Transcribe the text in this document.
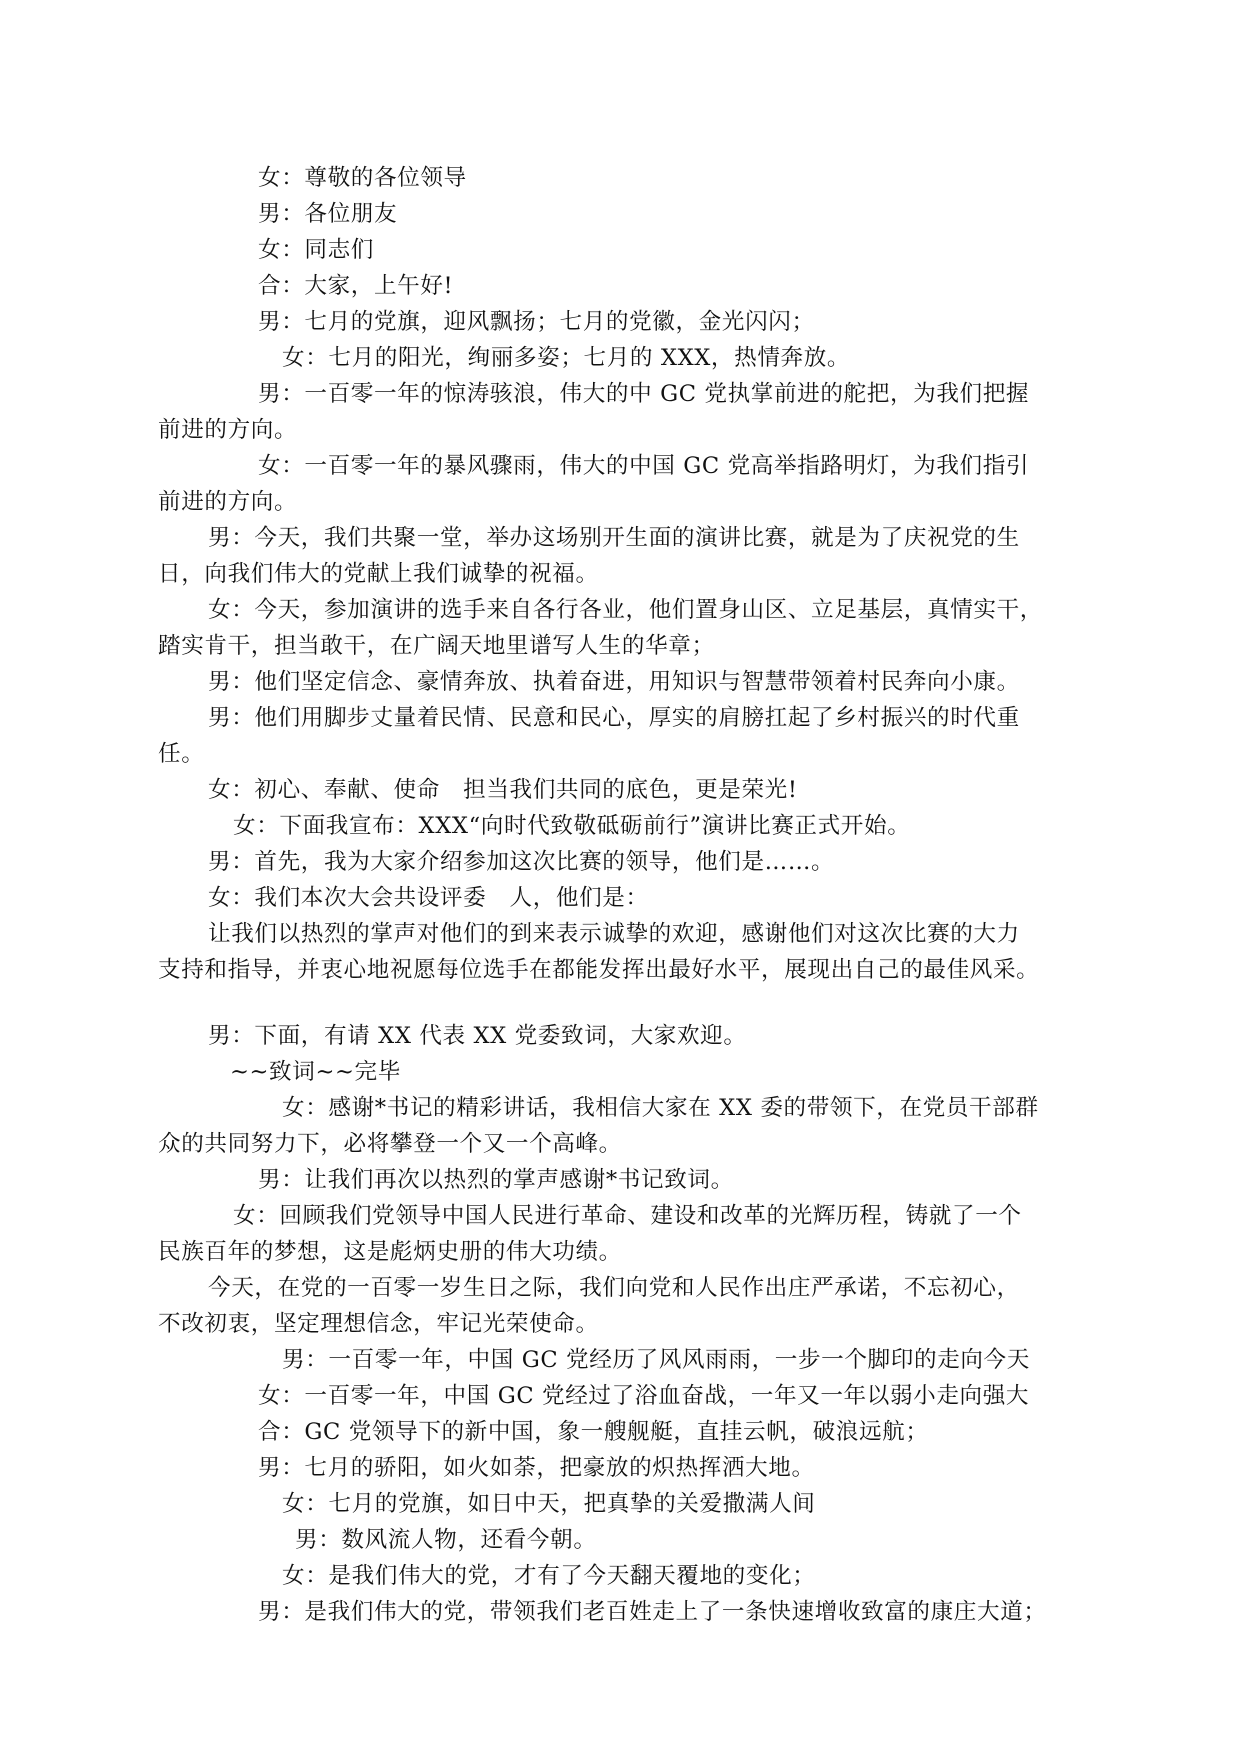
女：尊敬的各位领导
男：各位朋友
女：同志们
合：大家，上午好!
男：七月的党旗，迎风飘扬；七月的党徽，金光闪闪；
女：七月的阳光，绚丽多姿；七月的 XXX，热情奔放。
男：一百零一年的惊涛骇浪，伟大的中 GC 党执掌前进的舵把，为我们把握
前进的方向。
女：一百零一年的暴风骤雨，伟大的中国 GC 党高举指路明灯，为我们指引
前进的方向。
男：今天，我们共聚一堂，举办这场别开生面的演讲比赛，就是为了庆祝党的生
日，向我们伟大的党献上我们诚挚的祝福。
女：今天，参加演讲的选手来自各行各业，他们置身山区、立足基层，真情实干，
踏实肯干，担当敢干，在广阔天地里谱写人生的华章；
男：他们坚定信念、豪情奔放、执着奋进，用知识与智慧带领着村民奔向小康。
男：他们用脚步丈量着民情、民意和民心，厚实的肩膀扛起了乡村振兴的时代重
任。
女：初心、奉献、使命　担当我们共同的底色，更是荣光!
女：下面我宣布：XXX“向时代致敬砥砺前行”演讲比赛正式开始。
男：首先，我为大家介绍参加这次比赛的领导，他们是……。
女：我们本次大会共设评委　人，他们是：
让我们以热烈的掌声对他们的到来表示诚挚的欢迎，感谢他们对这次比赛的大力
支持和指导，并衷心地祝愿每位选手在都能发挥出最好水平，展现出自己的最佳风采。
男：下面，有请 XX 代表 XX 党委致词，大家欢迎。
~~致词~~完毕
女：感谢*书记的精彩讲话，我相信大家在 XX 委的带领下，在党员干部群
众的共同努力下，必将攀登一个又一个高峰。
男：让我们再次以热烈的掌声感谢*书记致词。
女：回顾我们党领导中国人民进行革命、建设和改革的光辉历程，铸就了一个
民族百年的梦想，这是彪炳史册的伟大功绩。
今天，在党的一百零一岁生日之际，我们向党和人民作出庄严承诺，不忘初心，
不改初衷，坚定理想信念，牢记光荣使命。
男：一百零一年，中国 GC 党经历了风风雨雨，一步一个脚印的走向今天
女：一百零一年，中国 GC 党经过了浴血奋战，一年又一年以弱小走向强大
合：GC 党领导下的新中国，象一艘舰艇，直挂云帆，破浪远航；
男：七月的骄阳，如火如荼，把豪放的炽热挥洒大地。
女：七月的党旗，如日中天，把真挚的关爱撒满人间
男：数风流人物，还看今朝。
女：是我们伟大的党，才有了今天翻天覆地的变化；
男：是我们伟大的党，带领我们老百姓走上了一条快速增收致富的康庄大道；
